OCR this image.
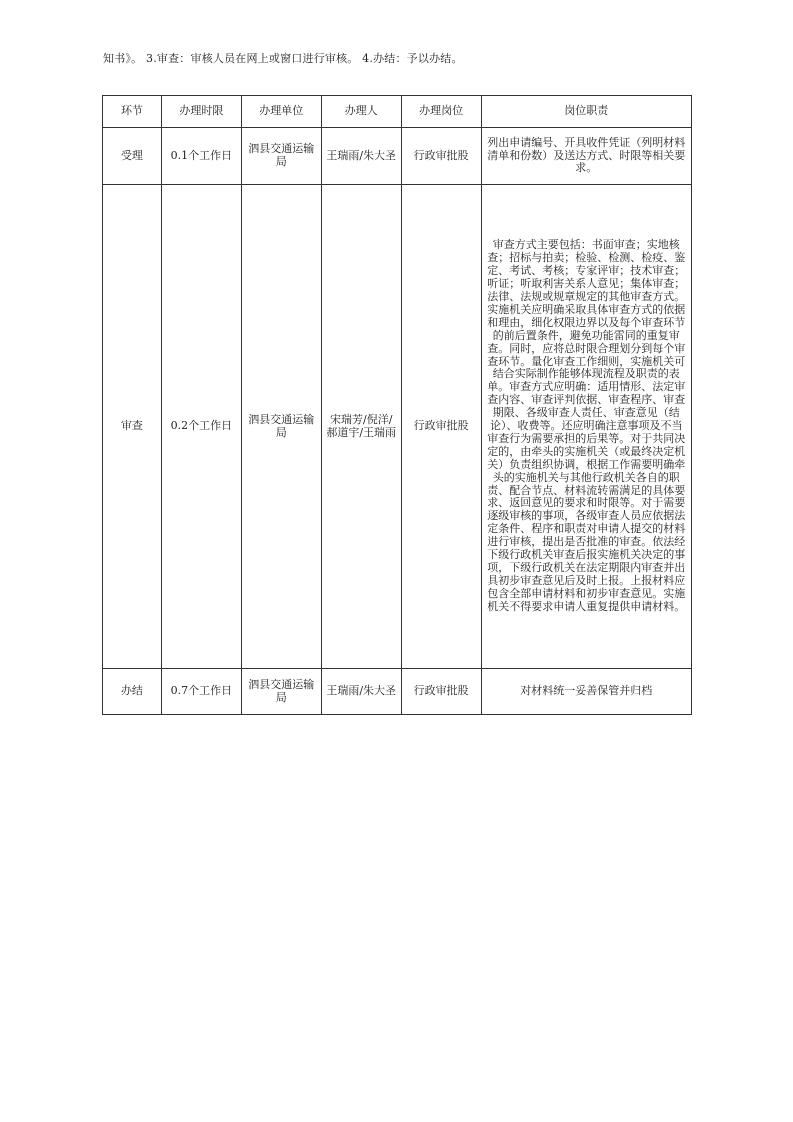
知书》。 3.审查：审核人员在网上或窗口进行审核。 4.办结：予以办结。
环节	办理时限	办理单位	办理人	办理岗位	岗位职责
受理	0.1个工作日	泗县交通运输局	王瑞雨/朱大圣	行政审批股	列出申请编号、开具收件凭证（列明材料清单和份数）及送达方式、时限等相关要求。
审查	0.2个工作日	泗县交通运输局	宋瑞芳/倪洋/郝道宇/王瑞雨	行政审批股	审查方式主要包括：书面审查；实地核查；招标与拍卖；检验、检测、检疫、鉴定、考试、考核；专家评审；技术审查；听证；听取利害关系人意见；集体审查；法律、法规或规章规定的其他审查方式。实施机关应明确采取具体审查方式的依据和理由，细化权限边界以及每个审查环节的前后置条件，避免功能雷同的重复审查。同时，应将总时限合理划分到每个审查环节。量化审查工作细则，实施机关可结合实际制作能够体现流程及职责的表单。审查方式应明确：适用情形、法定审查内容、审查评判依据、审查程序、审查期限、各级审查人责任、审查意见（结论）、收费等。还应明确注意事项及不当审查行为需要承担的后果等。对于共同决定的，由牵头的实施机关（或最终决定机关）负责组织协调，根据工作需要明确牵头的实施机关与其他行政机关各自的职责、配合节点、材料流转需满足的具体要求、返回意见的要求和时限等。对于需要逐级审核的事项，各级审查人员应依据法定条件、程序和职责对申请人提交的材料进行审核，提出是否批准的审查。依法经下级行政机关审查后报实施机关决定的事项，下级行政机关在法定期限内审查并出具初步审查意见后及时上报。上报材料应包含全部申请材料和初步审查意见。实施机关不得要求申请人重复提供申请材料。
办结	0.7个工作日	泗县交通运输局	王瑞雨/朱大圣	行政审批股	对材料统一妥善保管并归档
